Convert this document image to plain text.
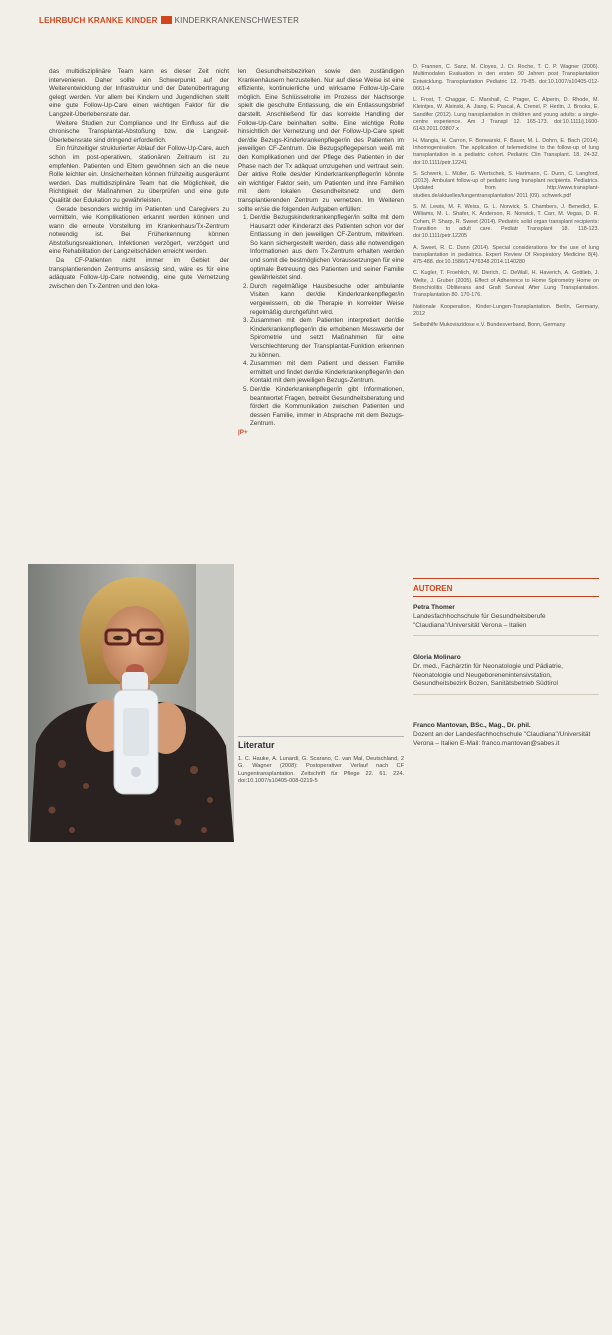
LEHRBUCH KRANKE KINDER KINDERKRANKENSCHWESTER

das multidisziplinäre Team kann es dieser Zeit nicht intervenieren. Daher sollte ein Schwerpunkt auf der Weiterentwicklung der Infrastruktur und der Datenübertragung gelegt werden. Vor allem bei Kindern und Jugendlichen stellt eine gute Follow-Up-Care einen wichtigen Faktor für die Langzeit-Überlebensrate dar.

Weitere Studien zur Compliance und Ihr Einfluss auf die chronische Transplantat-Abstoßung bzw. die Langzeit-Überlebensrate sind dringend erforderlich.

Ein frühzeitiger strukturierter Ablauf der Follow-Up-Care, auch schon im post-operativen, stationären Zeitraum ist zu empfehlen. Patienten und Eltern gewöhnen sich an die neue Rolle leichter ein. Unsicherheiten können frühzeitig ausgeräumt werden. Das multidisziplinäre Team hat die Möglichkeit, die Richtigkeit der Maßnahmen zu überprüfen und eine gute Qualität der Edukation zu gewährleisten.

Gerade besonders wichtig im Patienten und Caregivers zu vermitteln, wie Komplikationen erkannt werden können und wann die erneute Vorstellung im Krankenhaus/Tx-Zentrum notwendig ist. Bei Früherkennung können Abstoßungsreaktionen, Infektionen verzögert, verzögert und eine Rehabilitation der Langzeitschäden erreicht werden.

Da CF-Patienten nicht immer im Gebiet der transplantierenden Zentrums ansässig sind, wäre es für eine adäquate Follow-Up-Care notwendig, eine gute Vernetzung zwischen den Tx-Zentren und den loka-

len Gesundheitsbezirken sowie den zuständigen Krankenhäusern herzustellen. Nur auf diese Weise ist eine effiziente, kontinuierliche und wirksame Follow-Up-Care möglich. Eine Schlüsselrolle im Prozess der Nachsorge spielt die geschulte Entlassung, die ein Entlassungsbrief darstellt. Anschließend für das korrekte Handling der Follow-Up-Care beinhalten sollte. Eine wichtige Rolle hinsichtlich der Vernetzung und der Follow-Up-Care spielt der/die Bezugs-Kinderkrankenpfleger/in des Patienten im jeweiligen CF-Zentrum. Die Bezugspflegeperson weiß mit den Komplikationen und der Pflege des Patienten in der Phase nach der Tx adäquat umzugehen und vertraut sein. Der aktive Rolle des/der Kinderkrankenpfleger/in könnte ein wichtiger Faktor sein, um Patienten und ihre Familien mit dem lokalen Gesundheitsnetz und dem transplantierenden Zentrum zu vernetzen. Im Weiteren sollte er/sie die folgenden Aufgaben erfüllen:

1. Der/die Bezugskinderkrankenpfleger/in sollte mit dem Hausarzt oder Kinderarzt des Patienten schon vor der Entlassung in den jeweiligen CF-Zentrum, mitwirken. So kann sichergestellt werden, dass alle notwendigen Informationen aus dem Tx-Zentrum erhalten werden und somit die bestmöglichen Voraussetzungen für eine optimale Betreuung des Patienten und seiner Familie gewährleistet sind.
2. Durch regelmäßige Hausbesuche oder ambulante Visiten kann der/die Kinderkrankenpfleger/in vergewissern, ob die Therapie in korrekter Weise regelmäßig durchgeführt wird.
3. Zusammen mit dem Patienten interpretiert der/die Kinderkrankenpfleger/in die erhobenen Messwerte der Spirometrie und setzt Maßnahmen für eine Verschlechterung der Transplantat-Funktion erkennen zu können.
4. Zusammen mit dem Patient und dessen Familie ermittelt und findet der/die Kinderkrankenpfleger/in den Kontakt mit dem jeweiligen Bezugs-Zentrum.
5. Der/die Kinderkrankenpfleger/in gibt Informationen, beantwortet Fragen, betreibt Gesundheitsberatung und fördert die Kommunikation zwischen Patienten und dessen Familie, immer in Absprache mit dem Bezugs-Zentrum.
|P+
Literatur
1. C. Hauke, A. Lunardi, G. Scarano, C. van Mal, Deutschland, 2 G. Wagner (2008): Postoperativer Verlauf nach CF Lungentransplantation. Zeitschrift für Pflege 22. 61. 224. doi:10.1007/s10405-008-0219-5
D. Frannen, C. Sanz, M. Cloyes, J. Cr. Roche, T. C. P. Wagner (2006). Multimodalen Evaluation in den ersten 90 Jahren post Transplantation Entwicklung. Transplantation Pediatric 12. 79-85. doi:10.1007/s10405-012-0661-4
L. Frost, T. Chaggar, C. Marshall, C. Prager, C. Alperin, D. Rhode, M. Kleintjes, W. Alsinski, A. Jiang, E. Pascal, A. Crenel, P. Herlin, J. Brooks, E. Sandifer (2012). Lung transplantation in children and young adults: a single-centre experience. Am J Transpl 12. 165-173. doi:10.1111/j.1600-6143.2011.03807.x
H. Mangia, H. Carron, F. Bonwarski, F. Bauer, M. L. Dohrn, E. Bach (2014). Inhomogenisation. The application of telemedicine to the follow-up of lung transplantation in a pediatric cohort. Pediatric Clin Transplant. 18. 24-32. doi:10.1111/petr.12241
S. Schwerk, L. Müller, G. Wertschek, S. Hartmann, C. Dunn, C. Langford, (2013). Ambulant follow-up of pediatric lung transplant recipients. Pediatrics. Updated from http://www.transplant-studies.de/aktuelles/lungentransplantation/ 2011 (09). schwerk.pdf
S. M. Lewis, M. F. Weiss, G. L. Norwick, S. Chambers, J. Benedict, E. Williams, M. L. Shafer, K. Anderson, R. Norwick, T. Carr, M. Vegas, D. R. Cohen, P. Sharp, R. Sweet (2014). Pediatric solid organ transplant recipients: Transition to adult care. Pediatr Transplant 18. 118-123. doi:10.1111/petr.12205
A. Sweet, R. C. Dunn (2014). Special considerations for the use of lung transplantation in pediatrics. Expert Review Of Respiratory Medicine 8(4). 475-488. doi:10.1586/17476348.2014.1140280
C. Kugler, T. Froehlich, M. Dierich, C. DeWall, H. Haverich, A. Gottlieb, J. Welte, J. Gruber (2005). Effect of Adherence to Home Spirometry Home on Bronchiolitis Obliterans and Graft Survival After Lung Transplantation. Transplantation 80. 170-176.
Nationale Kooperation, Kinder-Lungen-Transplantation. Berlin, Germany, 2012
Selbsthilfe Mukoviszidose e.V. Bundesverband, Bonn, Germany
AUTOREN
Petra Thomer
Landesfachhochschule für Gesundheitsberufe "Claudiana"/Universität Verona – Italien
Gloria Molinaro
Dr. med., Fachärztin für Neonatologie und Pädiatrie, Neonatologie und Neugeborenenintensivstation, Gesundheitsbezirk Bozen, Sanitätsbetrieb Südtirol
Franco Mantovan, BSc., Mag., Dr. phil.
Dozent an der Landesfachhochschule "Claudiana"/Universität Verona – Italien E-Mail: franco.mantovan@sabes.it
FOTO: © PHOTOLIFE/ADOBESTOCK
